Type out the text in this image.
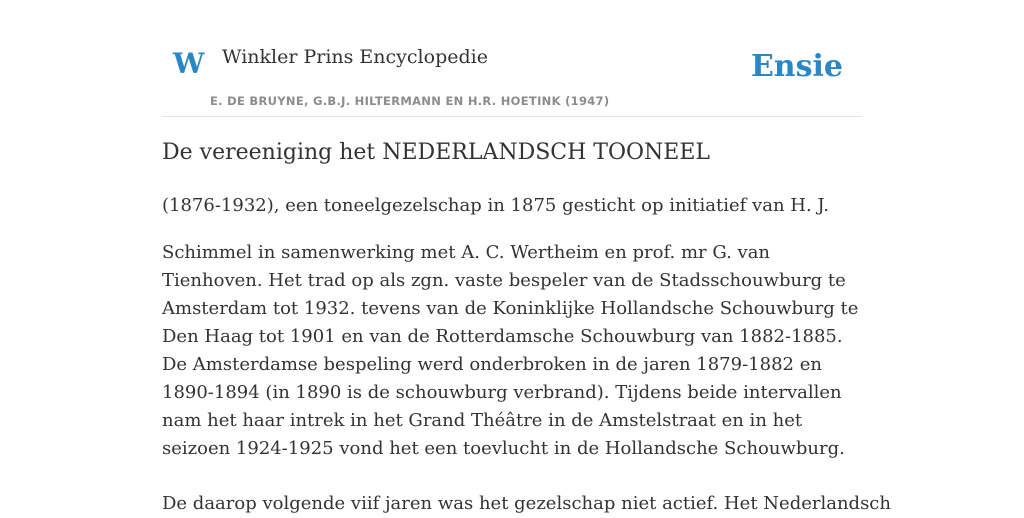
W Winkler Prins Encyclopedie
E. DE BRUYNE, G.B.J. HILTERMANN EN H.R. HOETINK (1947)
Ensie
De vereeniging het NEDERLANDSCH TOONEEL

(1876-1932), een toneelgezelschap in 1875 gesticht op initiatief van H. J.

Schimmel in samenwerking met A. C. Wertheim en prof. mr G. van Tienhoven. Het trad op als zgn. vaste bespeler van de Stadsschouwburg te Amsterdam tot 1932. tevens van de Koninklijke Hollandsche Schouwburg te Den Haag tot 1901 en van de Rotterdamsche Schouwburg van 1882-1885. De Amsterdamse bespeling werd onderbroken in de jaren 1879-1882 en 1890-1894 (in 1890 is de schouwburg verbrand). Tijdens beide intervallen nam het haar intrek in het Grand Théâtre in de Amstelstraat en in het seizoen 1924-1925 vond het een toevlucht in de Hollandsche Schouwburg.

De daarop volgende viif jaren was het gezelschap niet actief. Het Nederlandsch
